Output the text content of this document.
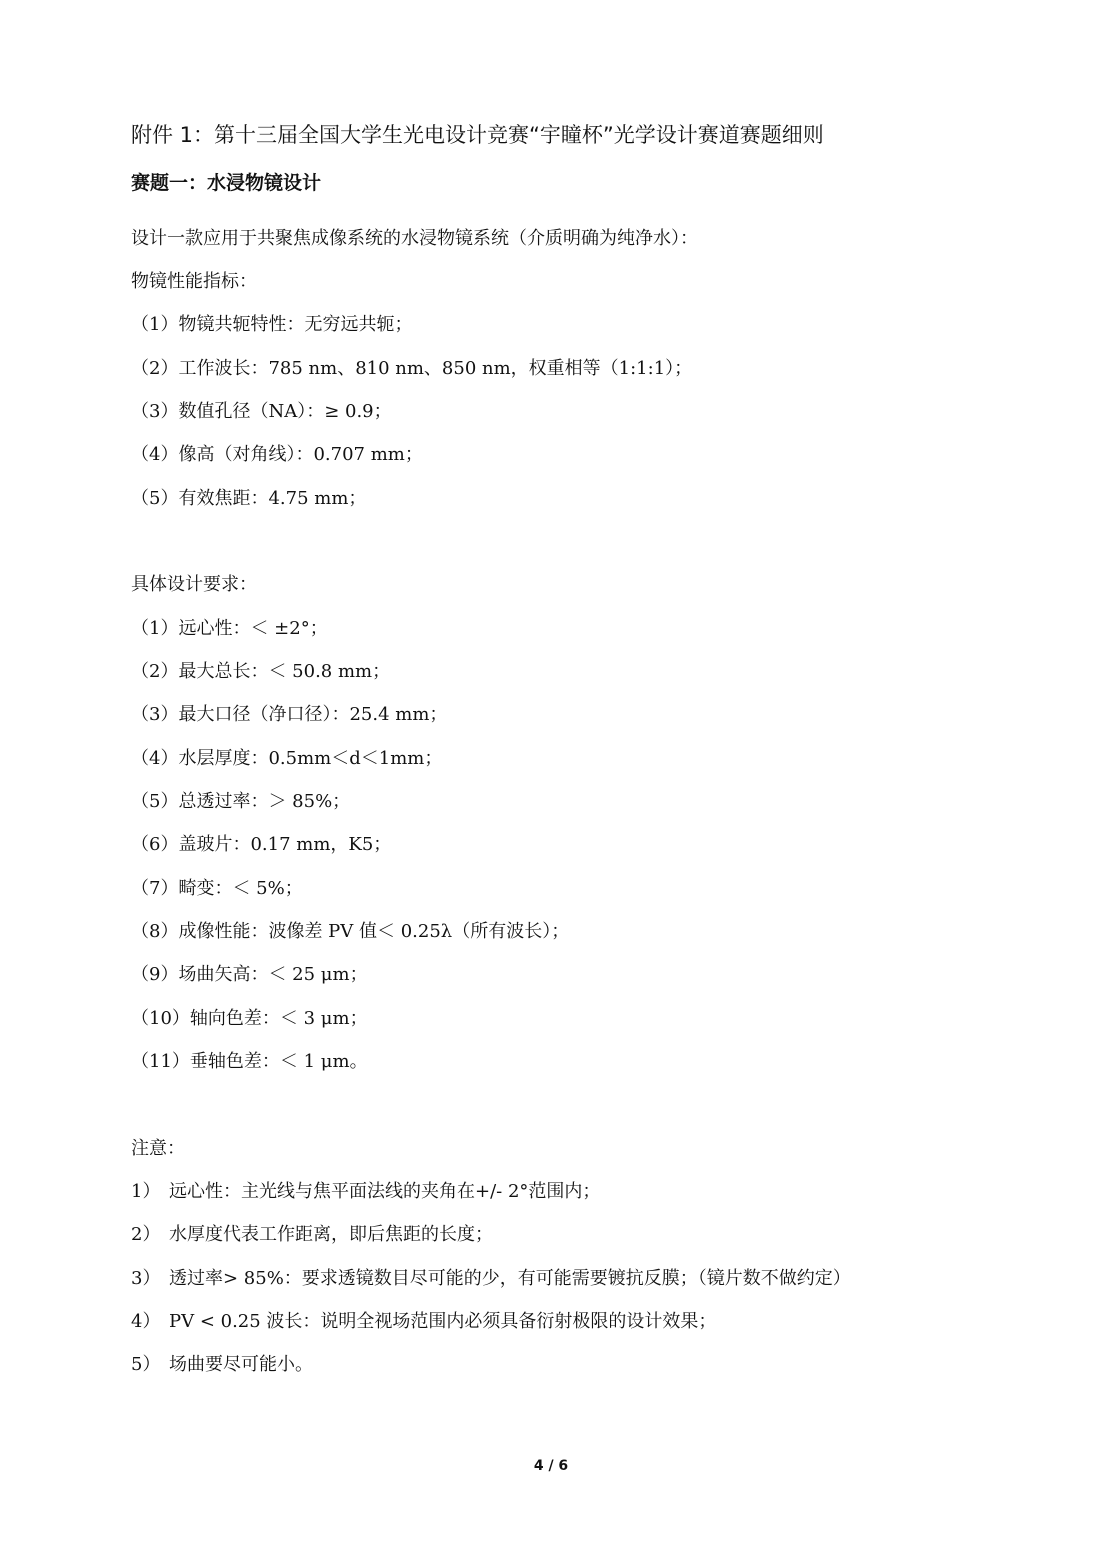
附件 1：第十三届全国大学生光电设计竞赛“宇瞳杯”光学设计赛道赛题细则
赛题一：水浸物镜设计
设计一款应用于共聚焦成像系统的水浸物镜系统（介质明确为纯净水）：
物镜性能指标：
（1）物镜共轭特性：无穷远共轭；
（2）工作波长：785 nm、810 nm、850 nm，权重相等（1:1:1）；
（3）数值孔径（NA）：≥ 0.9；
（4）像高（对角线）：0.707 mm；
（5）有效焦距：4.75 mm；
具体设计要求：
（1）远心性：＜ ±2°；
（2）最大总长：＜ 50.8 mm；
（3）最大口径（净口径）：25.4 mm；
（4）水层厚度：0.5mm＜d＜1mm；
（5）总透过率：＞ 85%；
（6）盖玻片：0.17 mm，K5；
（7）畸变：＜ 5%；
（8）成像性能：波像差 PV 值＜ 0.25λ（所有波长）；
（9）场曲矢高：＜ 25 μm；
（10）轴向色差：＜ 3 μm；
（11）垂轴色差：＜ 1 μm。
注意：
1） 远心性：主光线与焦平面法线的夹角在+/- 2°范围内；
2） 水厚度代表工作距离，即后焦距的长度；
3） 透过率> 85%：要求透镜数目尽可能的少，有可能需要镀抗反膜；（镜片数不做约定）
4） PV < 0.25 波长：说明全视场范围内必须具备衍射极限的设计效果；
5） 场曲要尽可能小。
4 / 6
